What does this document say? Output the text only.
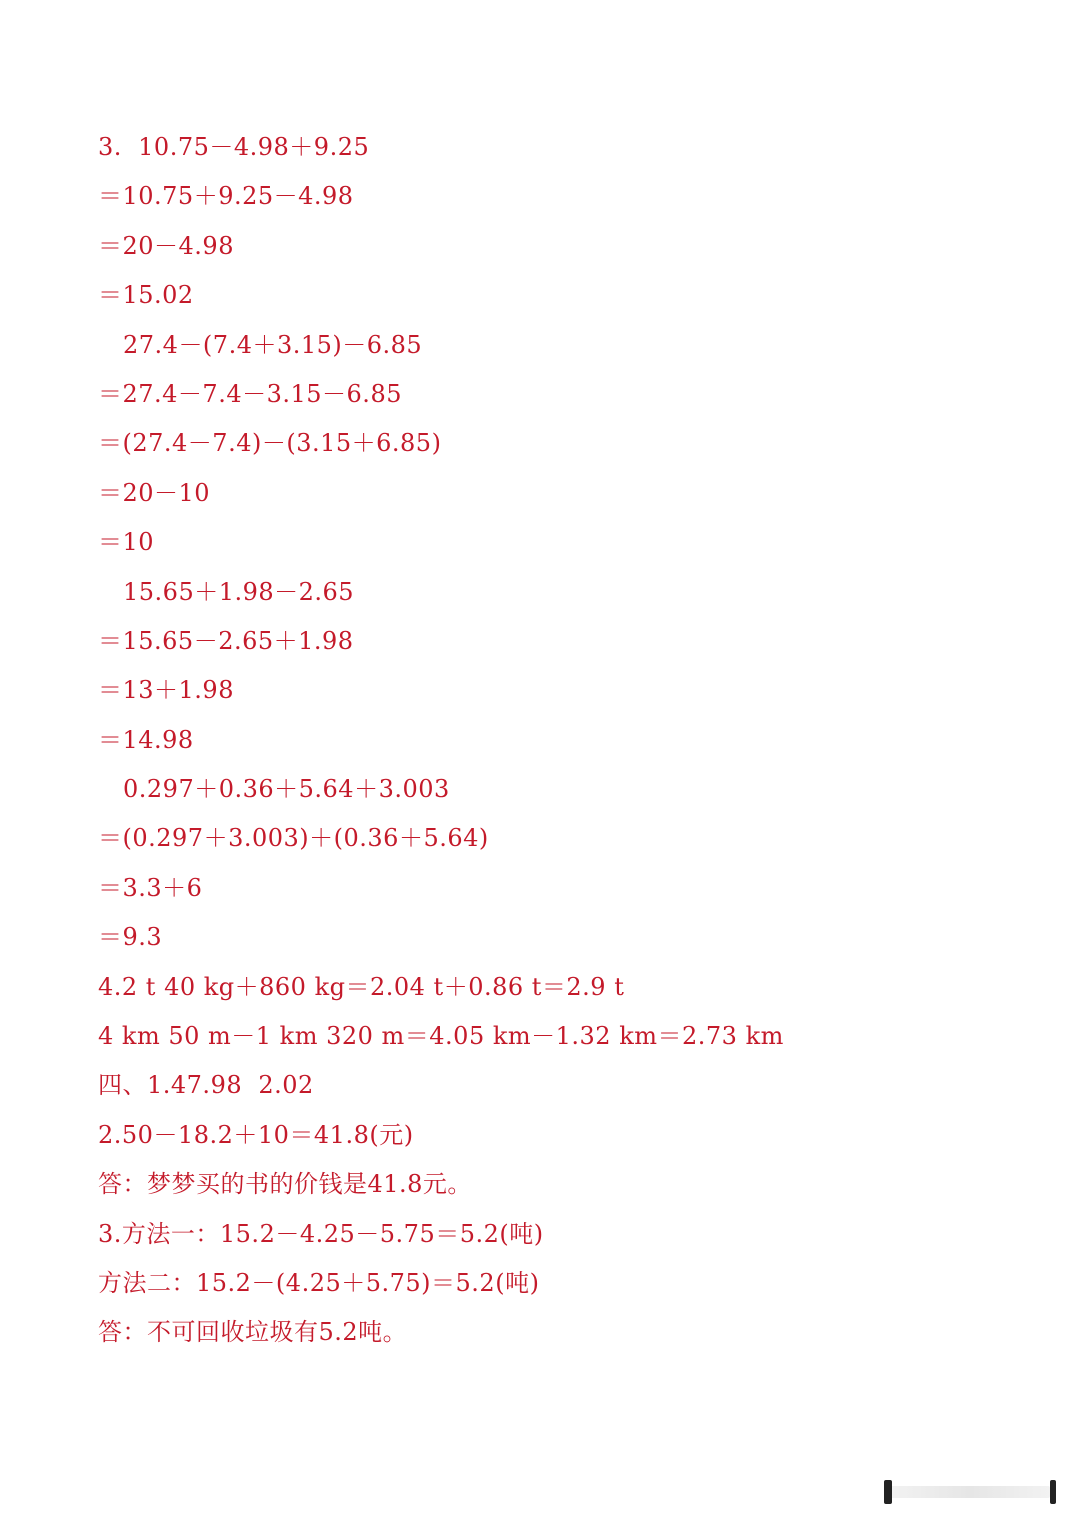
3.  10.75－4.98＋9.25
＝10.75＋9.25－4.98
＝20－4.98
＝15.02
27.4－(7.4＋3.15)－6.85
＝27.4－7.4－3.15－6.85
＝(27.4－7.4)－(3.15＋6.85)
＝20－10
＝10
15.65＋1.98－2.65
＝15.65－2.65＋1.98
＝13＋1.98
＝14.98
0.297＋0.36＋5.64＋3.003
＝(0.297＋3.003)＋(0.36＋5.64)
＝3.3＋6
＝9.3
4.2 t 40 kg＋860 kg＝2.04 t＋0.86 t＝2.9 t
4 km 50 m－1 km 320 m＝4.05 km－1.32 km＝2.73 km
四、1.47.98  2.02
2.50－18.2＋10＝41.8(元)
答：梦梦买的书的价钱是41.8元。
3.方法一：15.2－4.25－5.75＝5.2(吨)
方法二：15.2－(4.25＋5.75)＝5.2(吨)
答：不可回收垃圾有5.2吨。
